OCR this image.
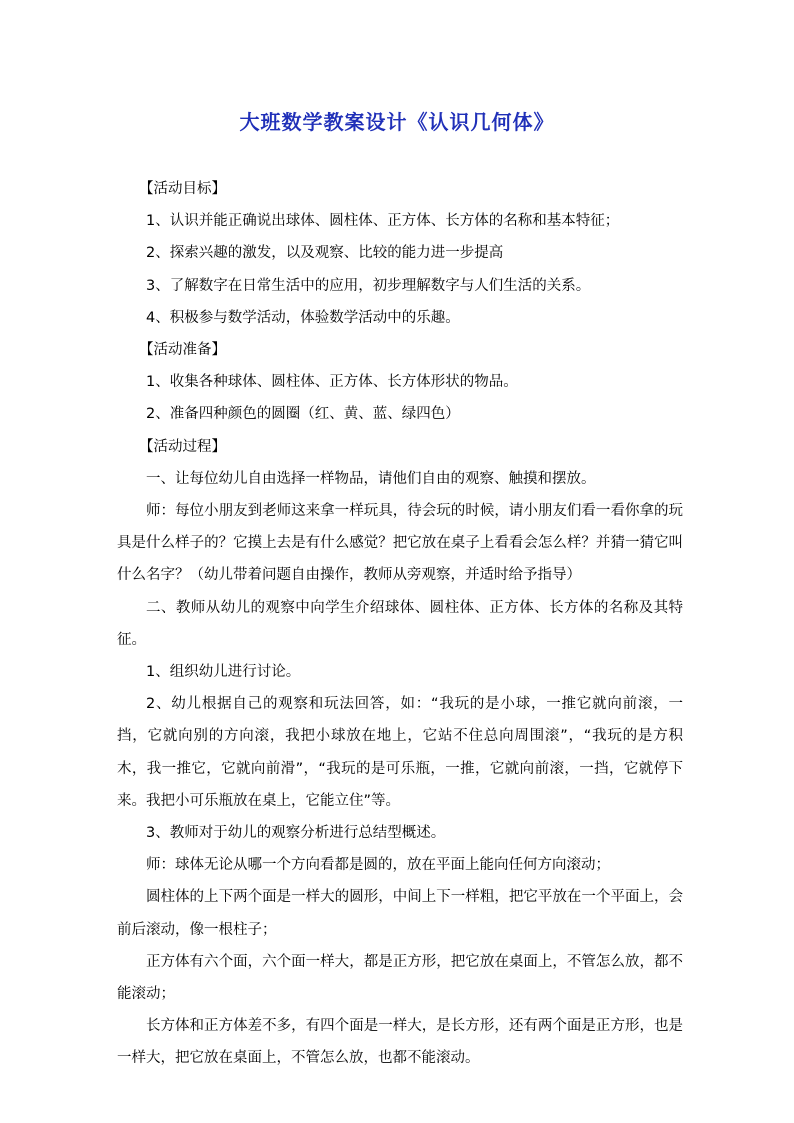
大班数学教案设计《认识几何体》

【活动目标】

1、认识并能正确说出球体、圆柱体、正方体、长方体的名称和基本特征；

2、探索兴趣的激发，以及观察、比较的能力进一步提高

3、了解数字在日常生活中的应用，初步理解数字与人们生活的关系。

4、积极参与数学活动，体验数学活动中的乐趣。

【活动准备】

1、收集各种球体、圆柱体、正方体、长方体形状的物品。

2、准备四种颜色的圆圈（红、黄、蓝、绿四色）

【活动过程】

一、让每位幼儿自由选择一样物品，请他们自由的观察、触摸和摆放。

师：每位小朋友到老师这来拿一样玩具，待会玩的时候，请小朋友们看一看你拿的玩具是什么样子的？它摸上去是有什么感觉？把它放在桌子上看看会怎么样？并猜一猜它叫什么名字？（幼儿带着问题自由操作，教师从旁观察，并适时给予指导）

二、教师从幼儿的观察中向学生介绍球体、圆柱体、正方体、长方体的名称及其特征。

1、组织幼儿进行讨论。

2、幼儿根据自己的观察和玩法回答，如：“我玩的是小球，一推它就向前滚，一挡，它就向别的方向滚，我把小球放在地上，它站不住总向周围滚”，“我玩的是方积木，我一推它，它就向前滑”，“我玩的是可乐瓶，一推，它就向前滚，一挡，它就停下来。我把小可乐瓶放在桌上，它能立住”等。

3、教师对于幼儿的观察分析进行总结型概述。

师：球体无论从哪一个方向看都是圆的，放在平面上能向任何方向滚动；

圆柱体的上下两个面是一样大的圆形，中间上下一样粗，把它平放在一个平面上，会前后滚动，像一根柱子；

正方体有六个面，六个面一样大，都是正方形，把它放在桌面上，不管怎么放，都不能滚动；

长方体和正方体差不多，有四个面是一样大，是长方形，还有两个面是正方形，也是一样大，把它放在桌面上，不管怎么放，也都不能滚动。
